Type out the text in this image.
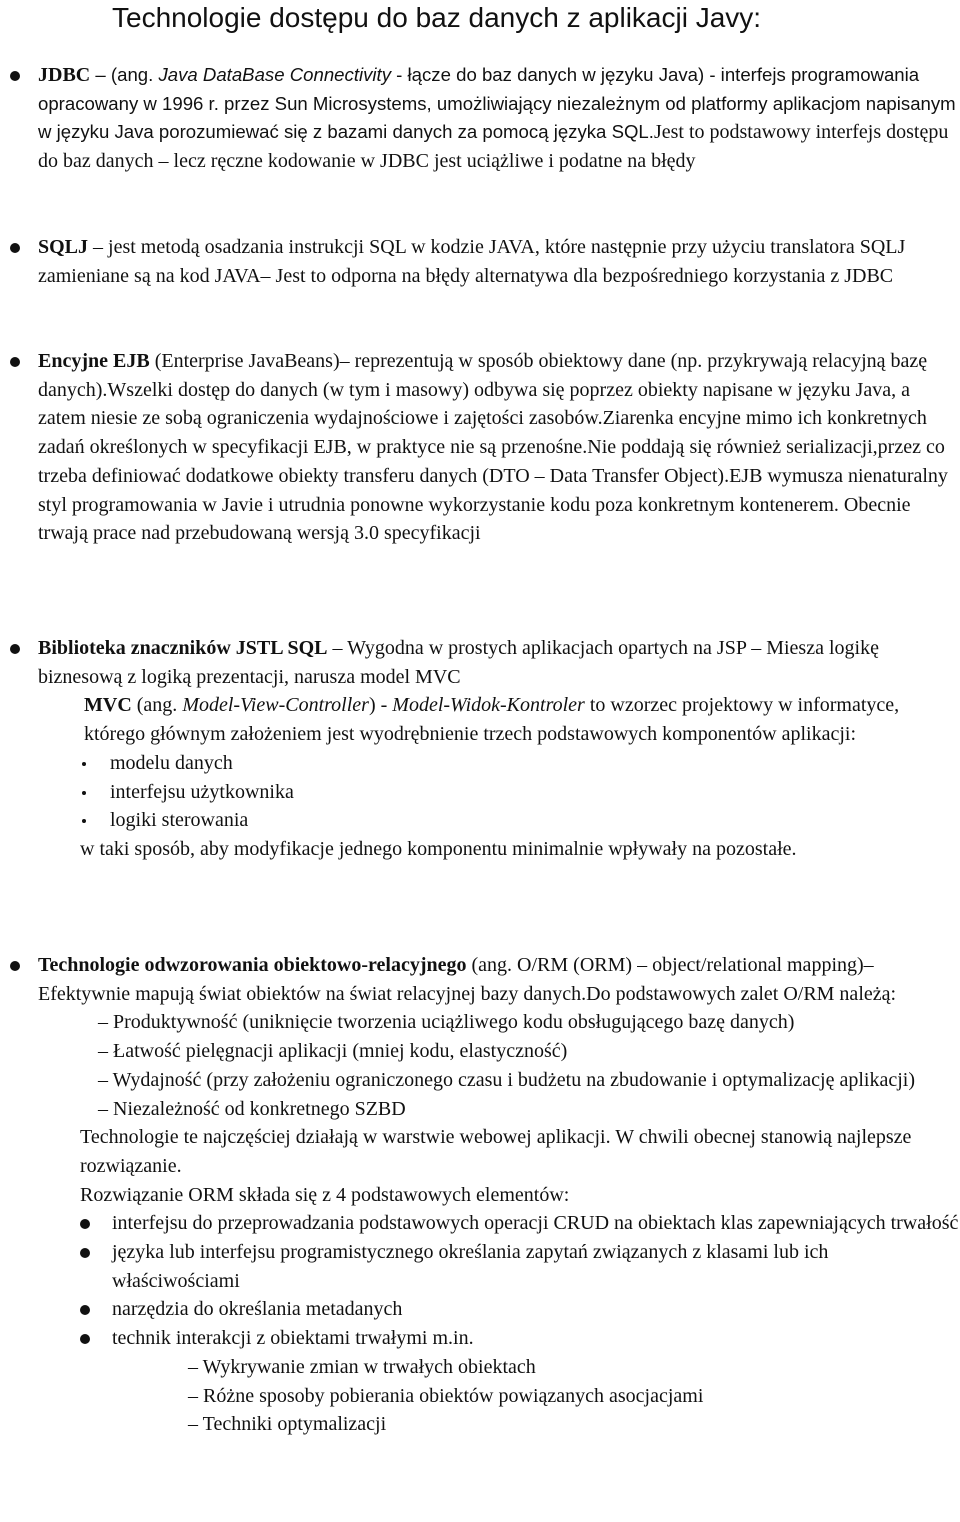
Technologie dostępu do baz danych z aplikacji Javy:
JDBC – (ang. Java DataBase Connectivity - łącze do baz danych w języku Java) - interfejs programowania opracowany w 1996 r. przez Sun Microsystems, umożliwiający niezależnym od platformy aplikacjom napisanym w języku Java porozumiewać się z bazami danych za pomocą języka SQL.Jest to podstawowy interfejs dostępu do baz danych – lecz ręczne kodowanie w JDBC jest uciążliwe i podatne na błędy
SQLJ – jest metodą osadzania instrukcji SQL w kodzie JAVA, które następnie przy użyciu translatora SQLJ zamieniane są na kod JAVA– Jest to odporna na błędy alternatywa dla bezpośredniego korzystania z JDBC
Encyjne EJB (Enterprise JavaBeans)– reprezentują w sposób obiektowy dane (np. przykrywają relacyjną bazę danych).Wszelki dostęp do danych (w tym i masowy) odbywa się poprzez obiekty napisane w języku Java, a zatem niesie ze sobą ograniczenia wydajnościowe i zajętości zasobów.Ziarenka encyjne mimo ich konkretnych zadań określonych w specyfikacji EJB, w praktyce nie są przenośne.Nie poddają się również serializacji,przez co trzeba definiować dodatkowe obiekty transferu danych (DTO – Data Transfer Object).EJB wymusza nienaturalny styl programowania w Javie i utrudnia ponowne wykorzystanie kodu poza konkretnym kontenerem. Obecnie trwają prace nad przebudowaną wersją 3.0 specyfikacji
Biblioteka znaczników JSTL SQL – Wygodna w prostych aplikacjach opartych na JSP – Miesza logikę biznesową z logiką prezentacji, narusza model MVC
MVC (ang. Model-View-Controller) - Model-Widok-Kontroler to wzorzec projektowy w informatyce, którego głównym założeniem jest wyodrębnienie trzech podstawowych komponentów aplikacji:
modelu danych
interfejsu użytkownika
logiki sterowania
w taki sposób, aby modyfikacje jednego komponentu minimalnie wpływały na pozostałe.
Technologie odwzorowania obiektowo-relacyjnego (ang. O/RM (ORM) – object/relational mapping)– Efektywnie mapują świat obiektów na świat relacyjnej bazy danych.Do podstawowych zalet O/RM należą:
– Produktywność (uniknięcie tworzenia uciążliwego kodu obsługującego bazę danych)
– Łatwość pielęgnacji aplikacji (mniej kodu, elastyczność)
– Wydajność (przy założeniu ograniczonego czasu i budżetu na zbudowanie i optymalizację aplikacji)
– Niezależność od konkretnego SZBD
Technologie te najczęściej działają w warstwie webowej aplikacji. W chwili obecnej stanowią najlepsze rozwiązanie.
Rozwiązanie ORM składa się z 4 podstawowych elementów:
interfejsu do przeprowadzania podstawowych operacji CRUD na obiektach klas zapewniających trwałość
języka lub interfejsu programistycznego określania zapytań związanych z klasami lub ich właściwościami
narzędzia do określania metadanych
technik interakcji z obiektami trwałymi m.in.
– Wykrywanie zmian w trwałych obiektach
– Różne sposoby pobierania obiektów powiązanych asocjacjami
– Techniki optymalizacji
